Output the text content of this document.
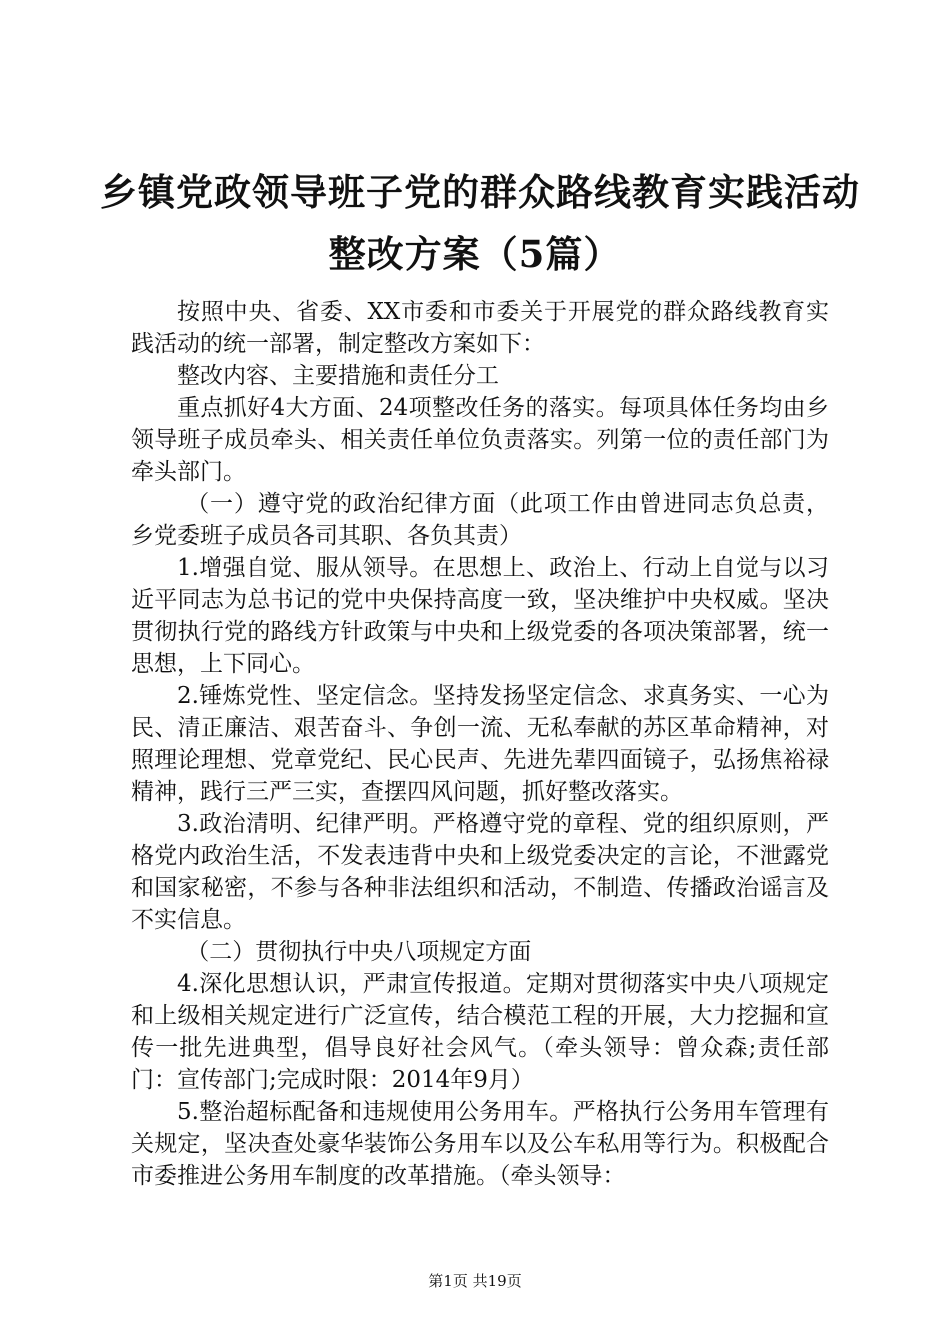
乡镇党政领导班子党的群众路线教育实践活动
整改方案（5篇）

按照中央、省委、XX市委和市委关于开展党的群众路线教育实践活动的统一部署，制定整改方案如下：

整改内容、主要措施和责任分工

重点抓好4大方面、24项整改任务的落实。每项具体任务均由乡领导班子成员牵头、相关责任单位负责落实。列第一位的责任部门为牵头部门。

（一）遵守党的政治纪律方面（此项工作由曾进同志负总责，乡党委班子成员各司其职、各负其责）

1.增强自觉、服从领导。在思想上、政治上、行动上自觉与以习近平同志为总书记的党中央保持高度一致，坚决维护中央权威。坚决贯彻执行党的路线方针政策与中央和上级党委的各项决策部署，统一思想，上下同心。

2.锤炼党性、坚定信念。坚持发扬坚定信念、求真务实、一心为民、清正廉洁、艰苦奋斗、争创一流、无私奉献的苏区革命精神，对照理论理想、党章党纪、民心民声、先进先辈四面镜子，弘扬焦裕禄精神，践行三严三实，查摆四风问题，抓好整改落实。

3.政治清明、纪律严明。严格遵守党的章程、党的组织原则，严格党内政治生活，不发表违背中央和上级党委决定的言论，不泄露党和国家秘密，不参与各种非法组织和活动，不制造、传播政治谣言及不实信息。

（二）贯彻执行中央八项规定方面

4.深化思想认识，严肃宣传报道。定期对贯彻落实中央八项规定和上级相关规定进行广泛宣传，结合模范工程的开展，大力挖掘和宣传一批先进典型，倡导良好社会风气。（牵头领导：曾众森;责任部门：宣传部门;完成时限：2014年9月）

5.整治超标配备和违规使用公务用车。严格执行公务用车管理有关规定，坚决查处豪华装饰公务用车以及公车私用等行为。积极配合市委推进公务用车制度的改革措施。（牵头领导：

第1页 共19页
